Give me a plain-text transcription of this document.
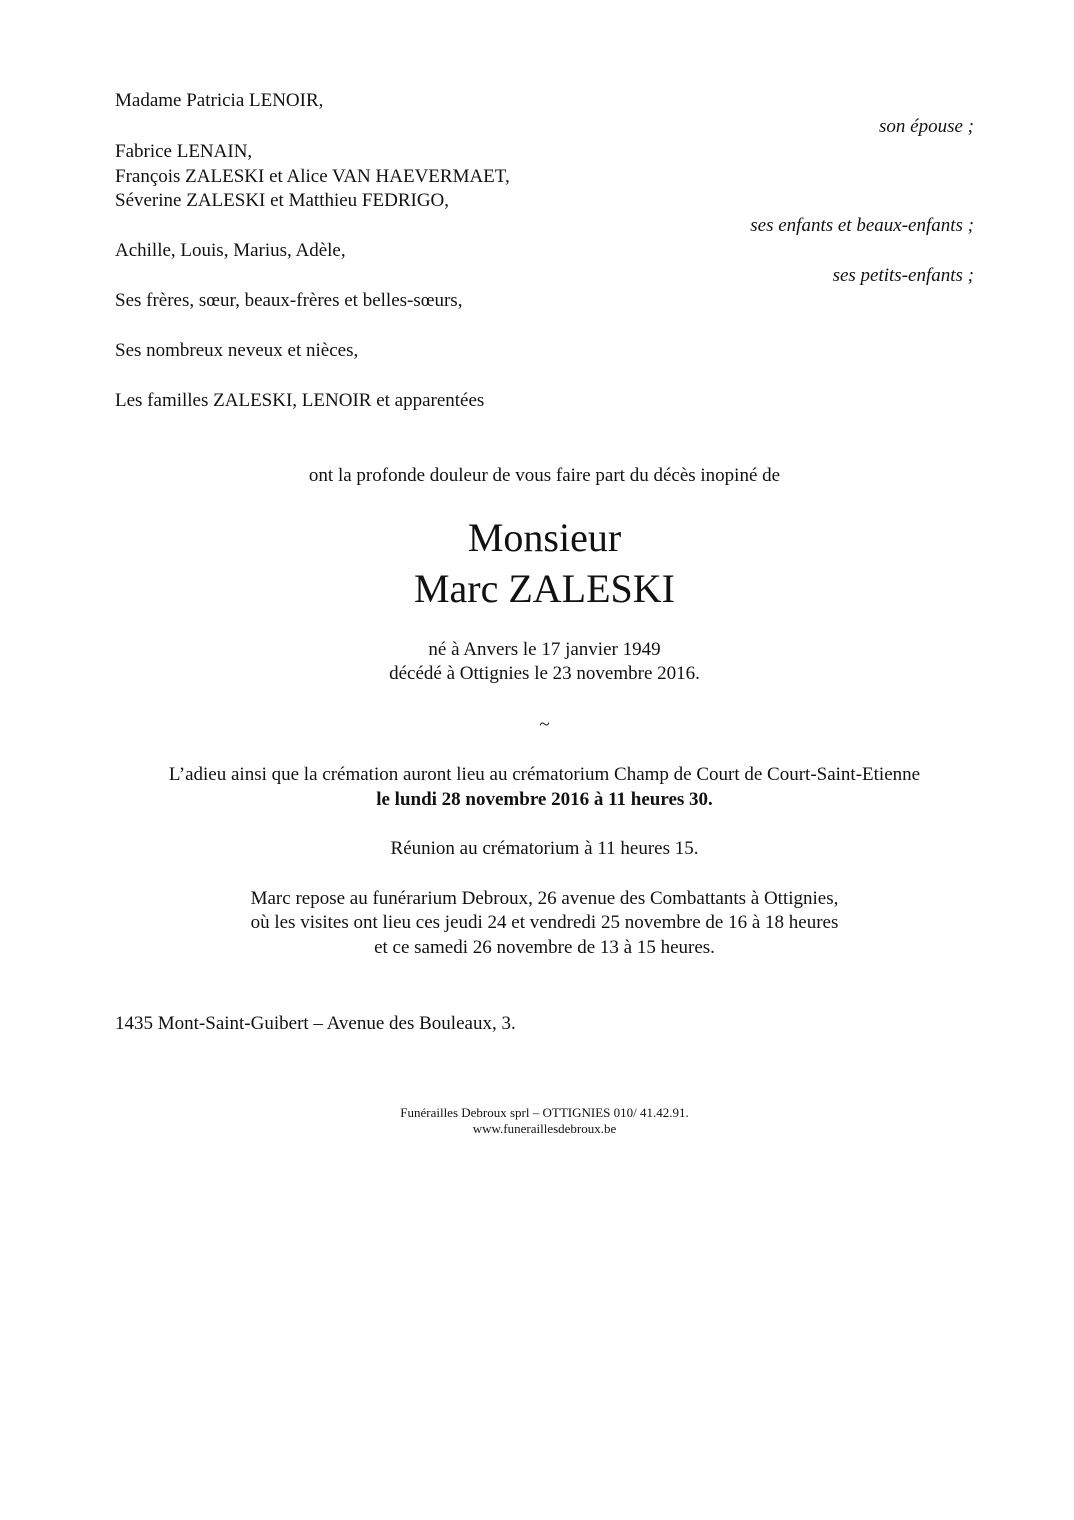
Madame Patricia LENOIR,
son épouse ;
Fabrice LENAIN,
François ZALESKI et Alice VAN HAEVERMAET,
Séverine ZALESKI et Matthieu FEDRIGO,
ses enfants et beaux-enfants ;
Achille, Louis, Marius, Adèle,
ses petits-enfants ;
Ses frères, sœur, beaux-frères et belles-sœurs,
Ses nombreux neveux et nièces,
Les familles ZALESKI, LENOIR et apparentées
ont la profonde douleur de vous faire part du décès inopiné de
Monsieur
Marc ZALESKI
né à Anvers le 17 janvier 1949
décédé à Ottignies le 23 novembre 2016.
~
L’adieu ainsi que la crémation auront lieu au crématorium Champ de Court de Court-Saint-Etienne
le lundi 28 novembre 2016 à 11 heures 30.
Réunion au crématorium à 11 heures 15.
Marc repose au funérarium Debroux, 26 avenue des Combattants à Ottignies,
où les visites ont lieu ces jeudi 24 et vendredi 25 novembre de 16 à 18 heures
et ce samedi 26 novembre de 13 à 15 heures.
1435 Mont-Saint-Guibert – Avenue des Bouleaux, 3.
Funérailles Debroux sprl – OTTIGNIES 010/ 41.42.91.
www.funeraillesdebroux.be
